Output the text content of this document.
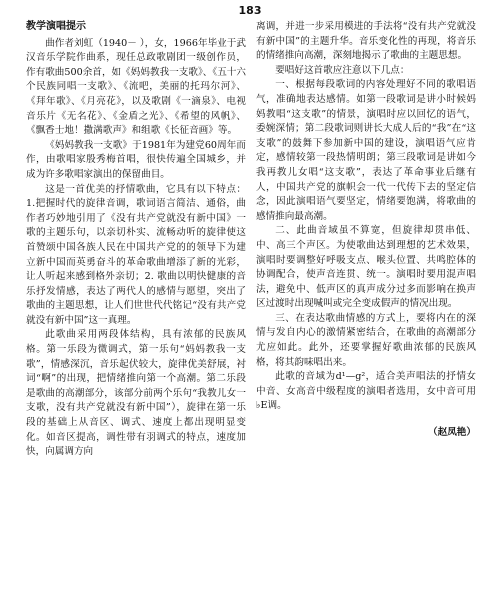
183
教学演唱提示

曲作者刘虹（1940－ ），女，1966年毕业于武汉音乐学院作曲系，现任总政歌剧团一级创作员，作有歌曲500余首，如《妈妈教我一支歌》、《五十六个民族同唱一支歌》、《流吧，美丽的托玛尔河》、《拜年歌》、《月亮花》，以及歌剧《一滴泉》、电视音乐片《无名花》、《金盾之光》、《希望的风帆》、《飘香士地！撒满歌声》和组歌《长征音画》等。

《妈妈教我一支歌》于1981年为建党60周年而作，由歌唱家殷秀梅首唱，很快传遍全国城乡，并成为许多歌唱家演出的保留曲目。

这是一首优美的抒情歌曲，它具有以下特点：1.把握时代的旋律音调，歌词语言简洁、通俗，曲作者巧妙地引用了《没有共产党就没有新中国》一歌的主题乐句，以亲切朴实、流畅动听的旋律使这首赞颂中国各族人民在中国共产党的的领导下为建立新中国而英勇奋斗的革命歌曲增添了新的光彩，让人听起来感到格外亲切；2. 歌曲以明快健康的音乐抒发情感，表达了两代人的感情与愿望，突出了歌曲的主题思想，让人们世世代代铭记“没有共产党就没有新中国”这一真理。

此歌曲采用两段体结构，具有浓郁的民族风格。第一乐段为微调式，第一乐句“妈妈教我一支歌”，情感深沉，音乐起伏较大，旋律优美舒展，衬词“啊”的出现，把情绪推向第一个高潮。第二乐段是歌曲的高潮部分，该部分前两个乐句“我教儿女一支歌，没有共产党就没有新中国”），旋律在第一乐段的基础上从音区、调式、速度上都出现明显变化。如音区提高，调性带有羽调式的特点，速度加快，向属调方向

离调，并进一步采用模进的手法将“没有共产党就没有新中国”的主题升华。音乐变化性的再现，将音乐的情绪推向高潮，深刻地揭示了歌曲的主题思想。

要唱好这首歌应注意以下几点：

一、根据每段歌词的内容处理好不同的歌唱语气，准确地表达感情。如第一段歌词是讲小时候妈妈教唱“这支歌”的情景，演唱时应以回忆的语气，委婉深情；第二段歌词则讲长大成人后的“我”在“这支歌”的鼓舞下参加新中国的建设，演唱语气应肯定，感情较第一段热情明朗；第三段歌词是讲如今我再教儿女唱“这支歌”，表达了革命事业后继有人，中国共产党的旗帜会一代一代传下去的坚定信念，因此演唱语气要坚定，情绪要饱满，将歌曲的感情推向最高潮。

二、此曲音域虽不算宽，但旋律却贯串低、中、高三个声区。为使歌曲达到理想的艺术效果，演唱时要调整好呼吸支点、喉头位置、共鸣腔体的协调配合，使声音连贯、统一。演唱时要用混声唱法，避免中、低声区的真声成分过多而影响在换声区过渡时出现喊叫或完全变成假声的情况出现。

三、在表达歌曲情感的方式上，要将内在的深情与发自内心的激情紧密结合，在歌曲的高潮部分尤应如此。此外，还要掌握好歌曲浓郁的民族风格，将其韵味唱出来。

此歌的音域为d¹—g²，适合美声唱法的抒情女中音、女高音中级程度的演唱者选用，女中音可用♭E调。

（赵凤艳）
